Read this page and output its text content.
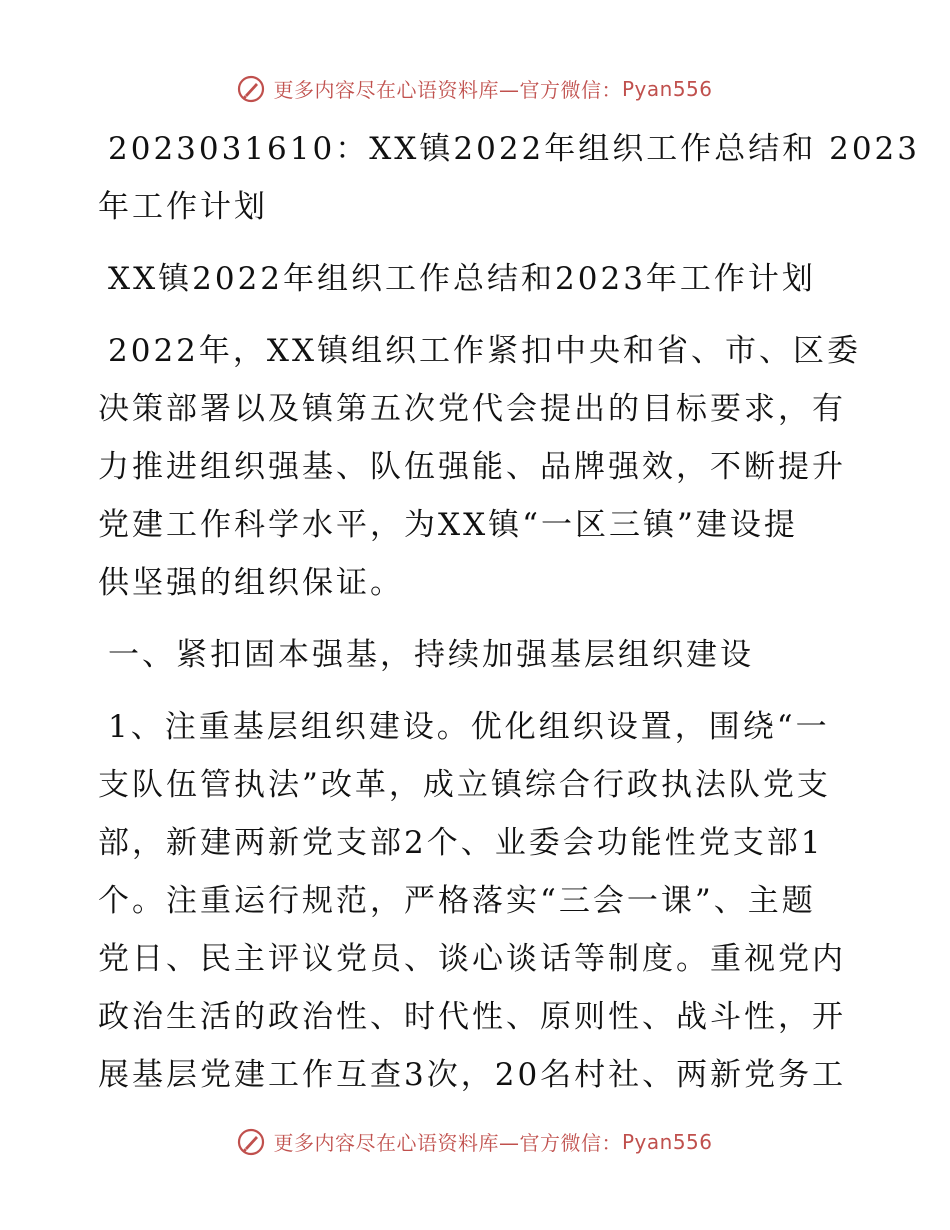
更多内容尽在心语资料库—官方微信： Pyan556
2023031610：XX镇2022年组织工作总结和 2023
年工作计划
XX镇2022年组织工作总结和2023年工作计划
2022年，XX镇组织工作紧扣中央和省、市、区委
决策部署以及镇第五次党代会提出的目标要求，有
力推进组织强基、队伍强能、品牌强效，不断提升
党建工作科学水平，为XX镇“一区三镇”建设提
供坚强的组织保证。
一、紧扣固本强基，持续加强基层组织建设
1、注重基层组织建设。优化组织设置，围绕“一
支队伍管执法”改革，成立镇综合行政执法队党支
部，新建两新党支部2个、业委会功能性党支部1
个。注重运行规范，严格落实“三会一课”、主题
党日、民主评议党员、谈心谈话等制度。重视党内
政治生活的政治性、时代性、原则性、战斗性，开
展基层党建工作互查3次，20名村社、两新党务工
更多内容尽在心语资料库—官方微信： Pyan556
